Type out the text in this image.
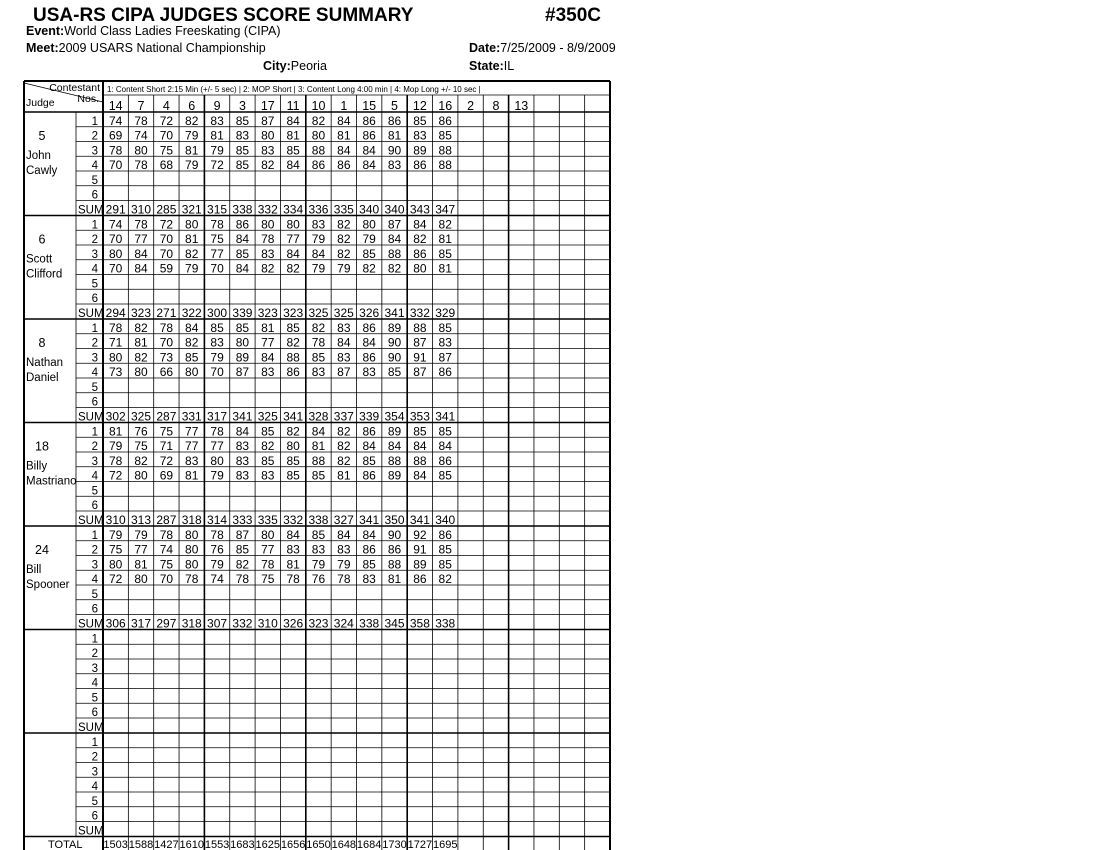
USA-RS CIPA JUDGES SCORE SUMMARY	#350C
Event:World Class Ladies Freeskating (CIPA)
Meet:2009 USARS National Championship	Date:7/25/2009 - 8/9/2009
City:Peoria	State:IL
Contestant
Nos.
Judge
1: Content Short 2:15 Min (+/- 5 sec) | 2: MOP Short | 3: Content Long 4:00 min | 4: Mop Long +/- 10 sec |
14 7 4 6 9 3 17 11 10 1 15 5 12 16 2 8 13
5
John
Cawly
1 74 78 72 82 83 85 87 84 82 84 86 86 85 86
2 69 74 70 79 81 83 80 81 80 81 86 81 83 85
3 78 80 75 81 79 85 83 85 88 84 84 90 89 88
4 70 78 68 79 72 85 82 84 86 86 84 83 86 88
5
6
SUM 291 310 285 321 315 338 332 334 336 335 340 340 343 347
6
Scott
Clifford
1 74 78 72 80 78 86 80 80 83 82 80 87 84 82
2 70 77 70 81 75 84 78 77 79 82 79 84 82 81
3 80 84 70 82 77 85 83 84 84 82 85 88 86 85
4 70 84 59 79 70 84 82 82 79 79 82 82 80 81
5
6
SUM 294 323 271 322 300 339 323 323 325 325 326 341 332 329
8
Nathan
Daniel
1 78 82 78 84 85 85 81 85 82 83 86 89 88 85
2 71 81 70 82 83 80 77 82 78 84 84 90 87 83
3 80 82 73 85 79 89 84 88 85 83 86 90 91 87
4 73 80 66 80 70 87 83 86 83 87 83 85 87 86
5
6
SUM 302 325 287 331 317 341 325 341 328 337 339 354 353 341
18
Billy
Mastriano
1 81 76 75 77 78 84 85 82 84 82 86 89 85 85
2 79 75 71 77 77 83 82 80 81 82 84 84 84 84
3 78 82 72 83 80 83 85 85 88 82 85 88 88 86
4 72 80 69 81 79 83 83 85 85 81 86 89 84 85
5
6
SUM 310 313 287 318 314 333 335 332 338 327 341 350 341 340
24
Bill
Spooner
1 79 79 78 80 78 87 80 84 85 84 84 90 92 86
2 75 77 74 80 76 85 77 83 83 83 86 86 91 85
3 80 81 75 80 79 82 78 81 79 79 85 88 89 85
4 72 80 70 78 74 78 75 78 76 78 83 81 86 82
5
6
SUM 306 317 297 318 307 332 310 326 323 324 338 345 358 338
1
2
3
4
5
6
SUM
1
2
3
4
5
6
SUM
TOTAL 1503 1588 1427 1610 1553 1683 1625 1656 1650 1648 1684 1730 1727 1695
